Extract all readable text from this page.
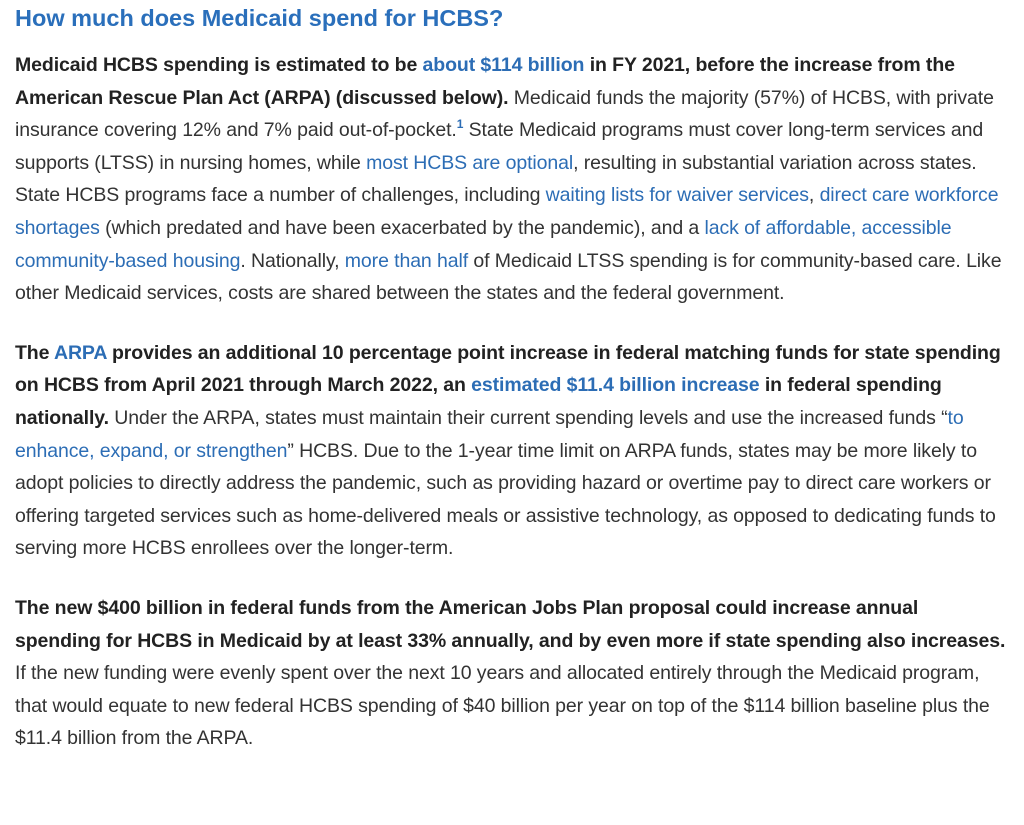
How much does Medicaid spend for HCBS?

Medicaid HCBS spending is estimated to be about $114 billion in FY 2021, before the increase from the American Rescue Plan Act (ARPA) (discussed below). Medicaid funds the majority (57%) of HCBS, with private insurance covering 12% and 7% paid out-of-pocket.$^1$ State Medicaid programs must cover long-term services and supports (LTSS) in nursing homes, while most HCBS are optional, resulting in substantial variation across states. State HCBS programs face a number of challenges, including waiting lists for waiver services, direct care workforce shortages (which predated and have been exacerbated by the pandemic), and a lack of affordable, accessible community-based housing. Nationally, more than half of Medicaid LTSS spending is for community-based care. Like other Medicaid services, costs are shared between the states and the federal government.

The ARPA provides an additional 10 percentage point increase in federal matching funds for state spending on HCBS from April 2021 through March 2022, an estimated $11.4 billion increase in federal spending nationally. Under the ARPA, states must maintain their current spending levels and use the increased funds “to enhance, expand, or strengthen” HCBS. Due to the 1-year time limit on ARPA funds, states may be more likely to adopt policies to directly address the pandemic, such as providing hazard or overtime pay to direct care workers or offering targeted services such as home-delivered meals or assistive technology, as opposed to dedicating funds to serving more HCBS enrollees over the longer-term.

The new $400 billion in federal funds from the American Jobs Plan proposal could increase annual spending for HCBS in Medicaid by at least 33% annually, and by even more if state spending also increases. If the new funding were evenly spent over the next 10 years and allocated entirely through the Medicaid program, that would equate to new federal HCBS spending of $40 billion per year on top of the $114 billion baseline plus the $11.4 billion from the ARPA.
